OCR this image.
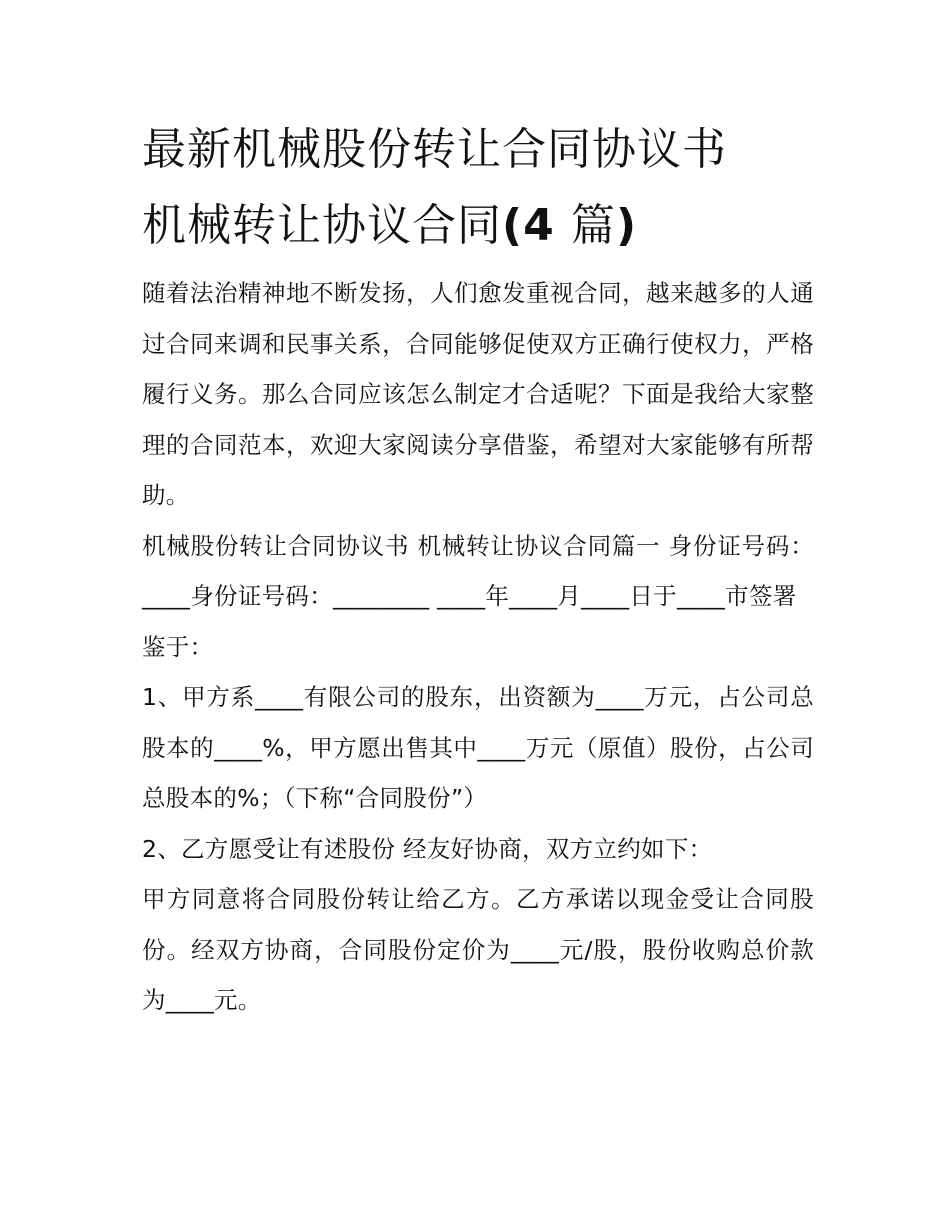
最新机械股份转让合同协议书
机械转让协议合同(4 篇)

随着法治精神地不断发扬，人们愈发重视合同，越来越多的人通过合同来调和民事关系，合同能够促使双方正确行使权力，严格履行义务。那么合同应该怎么制定才合适呢？下面是我给大家整理的合同范本，欢迎大家阅读分享借鉴，希望对大家能够有所帮助。

机械股份转让合同协议书 机械转让协议合同篇一 身份证号码：____身份证号码：________ ____年____月____日于____市签署

鉴于：

1、甲方系____有限公司的股东，出资额为____万元，占公司总股本的____%，甲方愿出售其中____万元（原值）股份，占公司总股本的%；（下称“合同股份”）

2、乙方愿受让有述股份 经友好协商，双方立约如下：

甲方同意将合同股份转让给乙方。乙方承诺以现金受让合同股份。经双方协商，合同股份定价为____元/股，股份收购总价款为____元。
